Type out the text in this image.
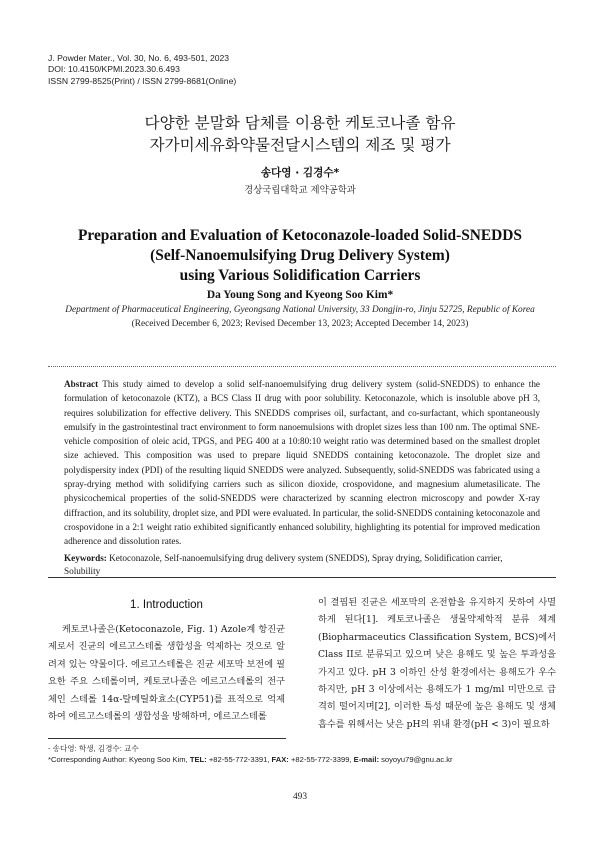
J. Powder Mater., Vol. 30, No. 6, 493-501, 2023
DOI: 10.4150/KPMI.2023.30.6.493
ISSN 2799-8525(Print) / ISSN 2799-8681(Online)
다양한 분말화 담체를 이용한 케토코나졸 함유
자가미세유화약물전달시스템의 제조 및 평가
송다영 · 김경수*
경상국립대학교 제약공학과
Preparation and Evaluation of Ketoconazole-loaded Solid-SNEDDS
(Self-Nanoemulsifying Drug Delivery System)
using Various Solidification Carriers
Da Young Song and Kyeong Soo Kim*
Department of Pharmaceutical Engineering, Gyeongsang National University, 33 Dongjin-ro, Jinju 52725, Republic of Korea
(Received December 6, 2023; Revised December 13, 2023; Accepted December 14, 2023)
Abstract This study aimed to develop a solid self-nanoemulsifying drug delivery system (solid-SNEDDS) to enhance the formulation of ketoconazole (KTZ), a BCS Class II drug with poor solubility. Ketoconazole, which is insoluble above pH 3, requires solubilization for effective delivery. This SNEDDS comprises oil, surfactant, and co-surfactant, which spontaneously emulsify in the gastrointestinal tract environment to form nanoemulsions with droplet sizes less than 100 nm. The optimal SNE-vehicle composition of oleic acid, TPGS, and PEG 400 at a 10:80:10 weight ratio was determined based on the smallest droplet size achieved. This composition was used to prepare liquid SNEDDS containing ketoconazole. The droplet size and polydispersity index (PDI) of the resulting liquid SNEDDS were analyzed. Subsequently, solid-SNEDDS was fabricated using a spray-drying method with solidifying carriers such as silicon dioxide, crospovidone, and magnesium alumetasilicate. The physicochemical properties of the solid-SNEDDS were characterized by scanning electron microscopy and powder X-ray diffraction, and its solubility, droplet size, and PDI were evaluated. In particular, the solid-SNEDDS containing ketoconazole and crospovidone in a 2:1 weight ratio exhibited significantly enhanced solubility, highlighting its potential for improved medication adherence and dissolution rates.
Keywords: Ketoconazole, Self-nanoemulsifying drug delivery system (SNEDDS), Spray drying, Solidification carrier, Solubility
1. Introduction
케토코나졸은(Ketoconazole, Fig. 1) Azole계 항진균제로서 진균의 에르고스테롤 생합성을 억제하는 것으로 알려져 있는 약물이다. 에르고스테롤은 진균 세포막 보전에 필요한 주요 스테롤이며, 케토코나졸은 에르고스테롤의 전구체인 스테롤 14α-탈메틸화효소(CYP51)를 표적으로 억제하여 에르고스테롤의 생합성을 방해하며, 에르고스테롤
이 결핍된 진균은 세포막의 온전함을 유지하지 못하여 사멸하게 된다[1]. 케토코나졸은 생물약제학적 분류 체계(Biopharmaceutics Classification System, BCS)에서 Class II로 분류되고 있으며 낮은 용해도 및 높은 투과성을 가지고 있다. pH 3 이하인 산성 환경에서는 용해도가 우수하지만, pH 3 이상에서는 용해도가 1 mg/ml 미만으로 급격히 떨어지며[2], 이러한 특성 때문에 높은 용해도 및 생체흡수를 위해서는 낮은 pH의 위내 환경(pH < 3)이 필요하
- 송다영: 학생, 김경수: 교수
*Corresponding Author: Kyeong Soo Kim, TEL: +82-55-772-3391, FAX: +82-55-772-3399, E-mail: soyoyu79@gnu.ac.kr
493
